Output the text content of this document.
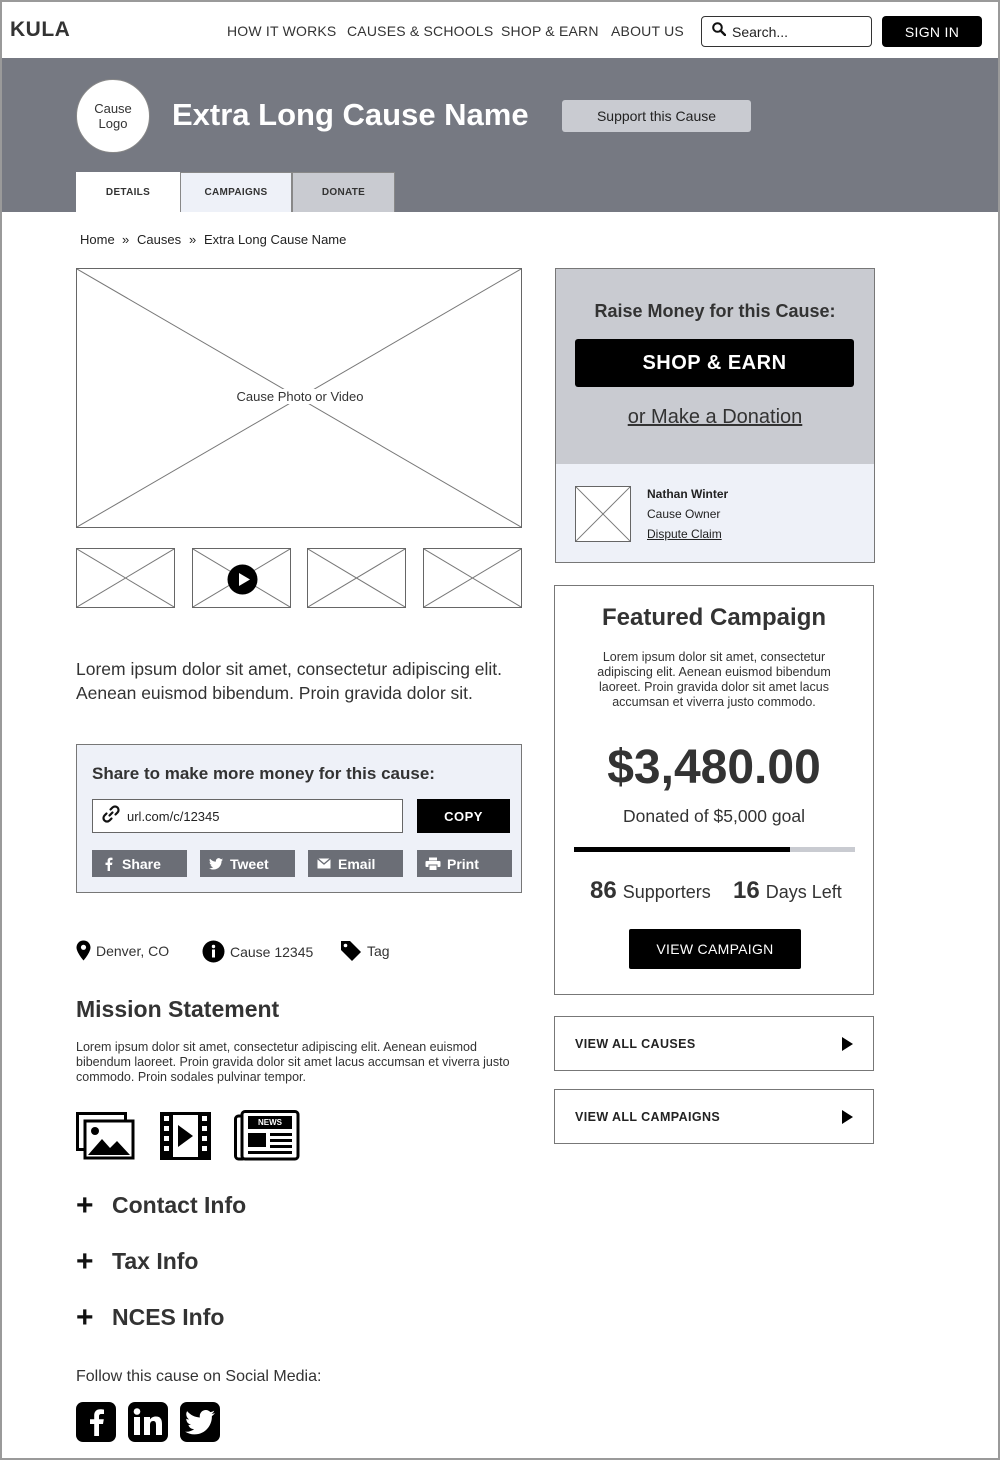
KULA	HOW IT WORKS CAUSES & SCHOOLS SHOP & EARN ABOUT US
Search...	SIGN IN
Cause Logo	Extra Long Cause Name	Support this Cause
DETAILS	CAMPAIGNS	DONATE
Home » Causes » Extra Long Cause Name
Cause Photo or Video
Lorem ipsum dolor sit amet, consectetur adipiscing elit. Aenean euismod bibendum. Proin gravida dolor sit.
Share to make more money for this cause:
url.com/c/12345
COPY
Share	Tweet	Email	Print
Denver, CO	Cause 12345	Tag
Mission Statement
Lorem ipsum dolor sit amet, consectetur adipiscing elit. Aenean euismod bibendum laoreet. Proin gravida dolor sit amet lacus accumsan et viverra justo commodo. Proin sodales pulvinar tempor.
NEWS
+ Contact Info
+ Tax Info
+ NCES Info
Follow this cause on Social Media:
Raise Money for this Cause:
SHOP & EARN
or Make a Donation
Nathan Winter
Cause Owner
Dispute Claim
Featured Campaign
Lorem ipsum dolor sit amet, consectetur adipiscing elit. Aenean euismod bibendum laoreet. Proin gravida dolor sit amet lacus accumsan et viverra justo commodo.
$3,480.00
Donated of $5,000 goal
86 Supporters 16 Days Left
VIEW CAMPAIGN
VIEW ALL CAUSES
VIEW ALL CAMPAIGNS
